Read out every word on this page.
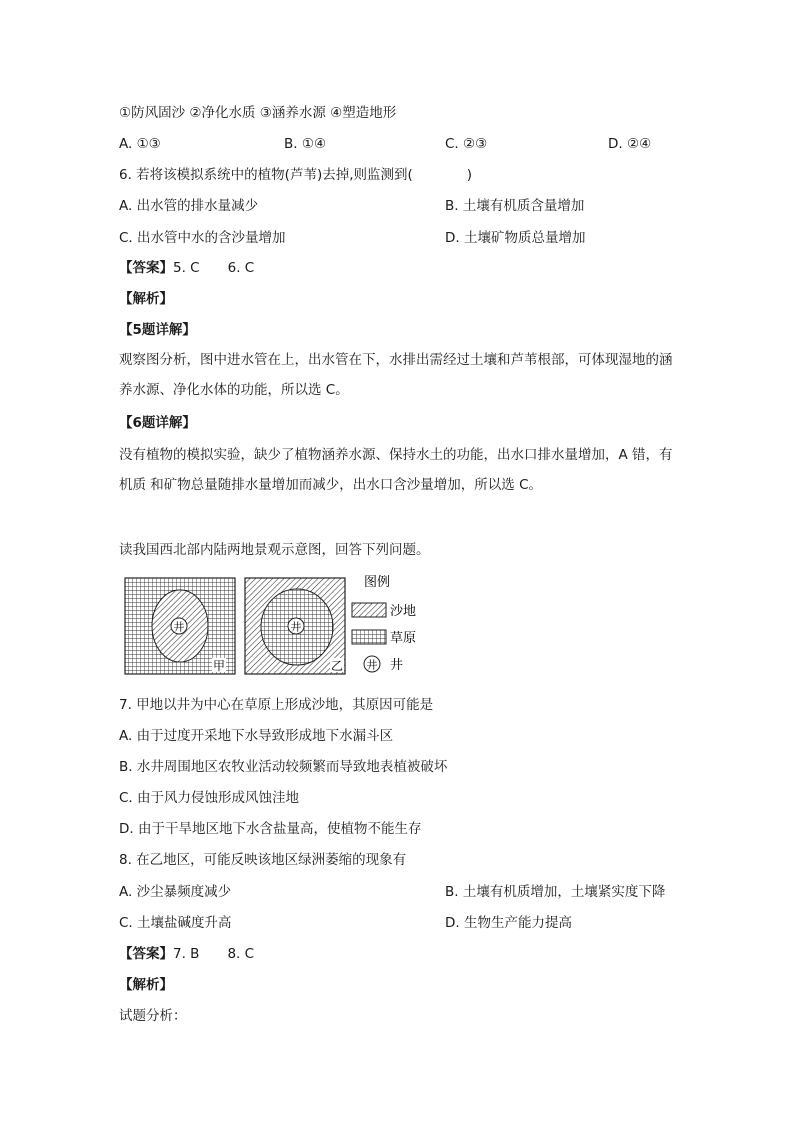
①防风固沙 ②净化水质 ③涵养水源 ④塑造地形
A. ①③	B. ①④	C. ②③	D. ②④
6. 若将该模拟系统中的植物(芦苇)去掉,则监测到(　　　　)
A. 出水管的排水量减少	B. 土壤有机质含量增加
C. 出水管中水的含沙量增加	D. 土壤矿物质总量增加
【答案】5. C 6. C
【解析】
【5题详解】
观察图分析，图中进水管在上，出水管在下，水排出需经过土壤和芦苇根部，可体现湿地的涵养水源、净化水体的功能，所以选 C。
【6题详解】
没有植物的模拟实验，缺少了植物涵养水源、保持水土的功能，出水口排水量增加，A 错，有机质 和矿物总量随排水量增加而减少，出水口含沙量增加，所以选 C。
读我国西北部内陆两地景观示意图，回答下列问题。
井
甲
井
乙
图例
沙地
草原
井 井
7. 甲地以井为中心在草原上形成沙地，其原因可能是
A. 由于过度开采地下水导致形成地下水漏斗区
B. 水井周围地区农牧业活动较频繁而导致地表植被破坏
C. 由于风力侵蚀形成风蚀洼地
D. 由于干旱地区地下水含盐量高，使植物不能生存
8. 在乙地区，可能反映该地区绿洲萎缩的现象有
A. 沙尘暴频度减少	B. 土壤有机质增加，土壤紧实度下降
C. 土壤盐碱度升高	D. 生物生产能力提高
【答案】7. B 8. C
【解析】
试题分析：
